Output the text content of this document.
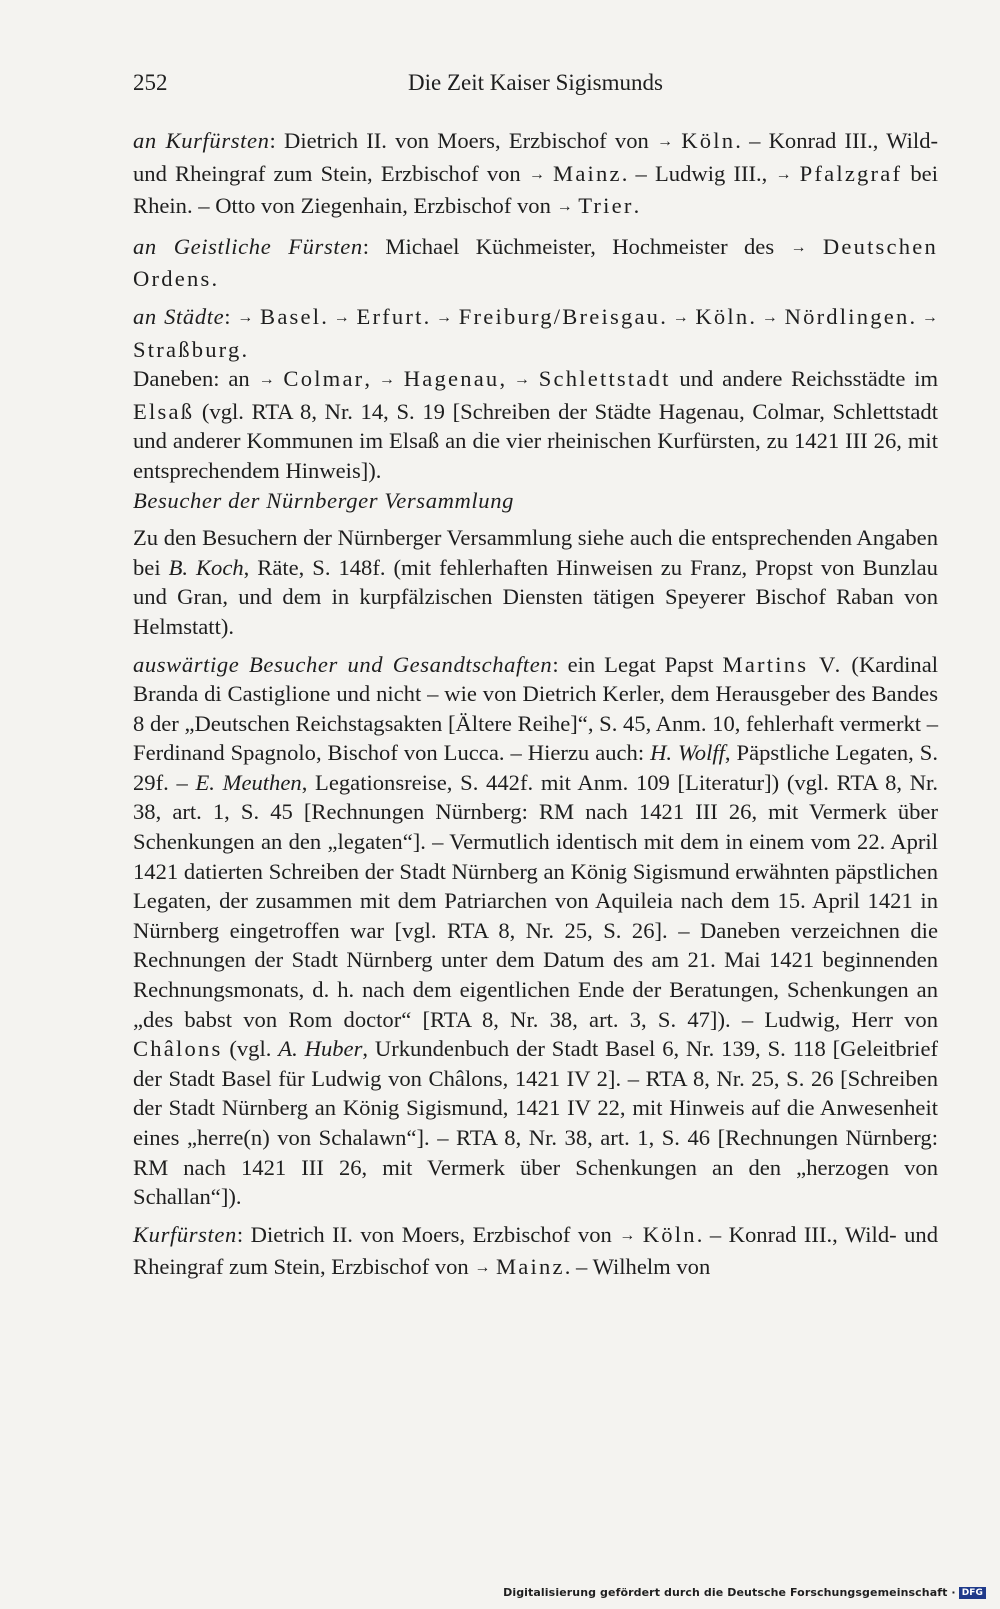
252	Die Zeit Kaiser Sigismunds

an Kurfürsten: Dietrich II. von Moers, Erzbischof von → Köln. – Konrad III., Wild- und Rheingraf zum Stein, Erzbischof von → Mainz. – Ludwig III., → Pfalzgraf bei Rhein. – Otto von Ziegenhain, Erzbischof von → Trier.

an Geistliche Fürsten: Michael Küchmeister, Hochmeister des → Deutschen Ordens.

an Städte: → Basel. → Erfurt. → Freiburg/Breisgau. → Köln. → Nördlingen. → Straßburg.

Daneben: an → Colmar, → Hagenau, → Schlettstadt und andere Reichsstädte im Elsaß (vgl. RTA 8, Nr. 14, S. 19 [Schreiben der Städte Hagenau, Colmar, Schlettstadt und anderer Kommunen im Elsaß an die vier rheinischen Kurfürsten, zu 1421 III 26, mit entsprechendem Hinweis]).

Besucher der Nürnberger Versammlung

Zu den Besuchern der Nürnberger Versammlung siehe auch die entsprechenden Angaben bei B. Koch, Räte, S. 148f. (mit fehlerhaften Hinweisen zu Franz, Propst von Bunzlau und Gran, und dem in kurpfälzischen Diensten tätigen Speyerer Bischof Raban von Helmstatt).

auswärtige Besucher und Gesandtschaften: ein Legat Papst Martins V. (Kardinal Branda di Castiglione und nicht – wie von Dietrich Kerler, dem Herausgeber des Bandes 8 der „Deutschen Reichstagsakten [Ältere Reihe]“, S. 45, Anm. 10, fehlerhaft vermerkt – Ferdinand Spagnolo, Bischof von Lucca. – Hierzu auch: H. Wolff, Päpstliche Legaten, S. 29f. – E. Meuthen, Legationsreise, S. 442f. mit Anm. 109 [Literatur]) (vgl. RTA 8, Nr. 38, art. 1, S. 45 [Rechnungen Nürnberg: RM nach 1421 III 26, mit Vermerk über Schenkungen an den „legaten“]. – Vermutlich identisch mit dem in einem vom 22. April 1421 datierten Schreiben der Stadt Nürnberg an König Sigismund erwähnten päpstlichen Legaten, der zusammen mit dem Patriarchen von Aquileia nach dem 15. April 1421 in Nürnberg eingetroffen war [vgl. RTA 8, Nr. 25, S. 26]. – Daneben verzeichnen die Rechnungen der Stadt Nürnberg unter dem Datum des am 21. Mai 1421 beginnenden Rechnungsmonats, d. h. nach dem eigentlichen Ende der Beratungen, Schenkungen an „des babst von Rom doctor“ [RTA 8, Nr. 38, art. 3, S. 47]). – Ludwig, Herr von Châlons (vgl. A. Huber, Urkundenbuch der Stadt Basel 6, Nr. 139, S. 118 [Geleitbrief der Stadt Basel für Ludwig von Châlons, 1421 IV 2]. – RTA 8, Nr. 25, S. 26 [Schreiben der Stadt Nürnberg an König Sigismund, 1421 IV 22, mit Hinweis auf die Anwesenheit eines „herre(n) von Schalawn“]. – RTA 8, Nr. 38, art. 1, S. 46 [Rechnungen Nürnberg: RM nach 1421 III 26, mit Vermerk über Schenkungen an den „herzogen von Schallan“]).

Kurfürsten: Dietrich II. von Moers, Erzbischof von → Köln. – Konrad III., Wild- und Rheingraf zum Stein, Erzbischof von → Mainz. – Wilhelm von

Digitalisierung gefördert durch die Deutsche Forschungsgemeinschaft · DFG
